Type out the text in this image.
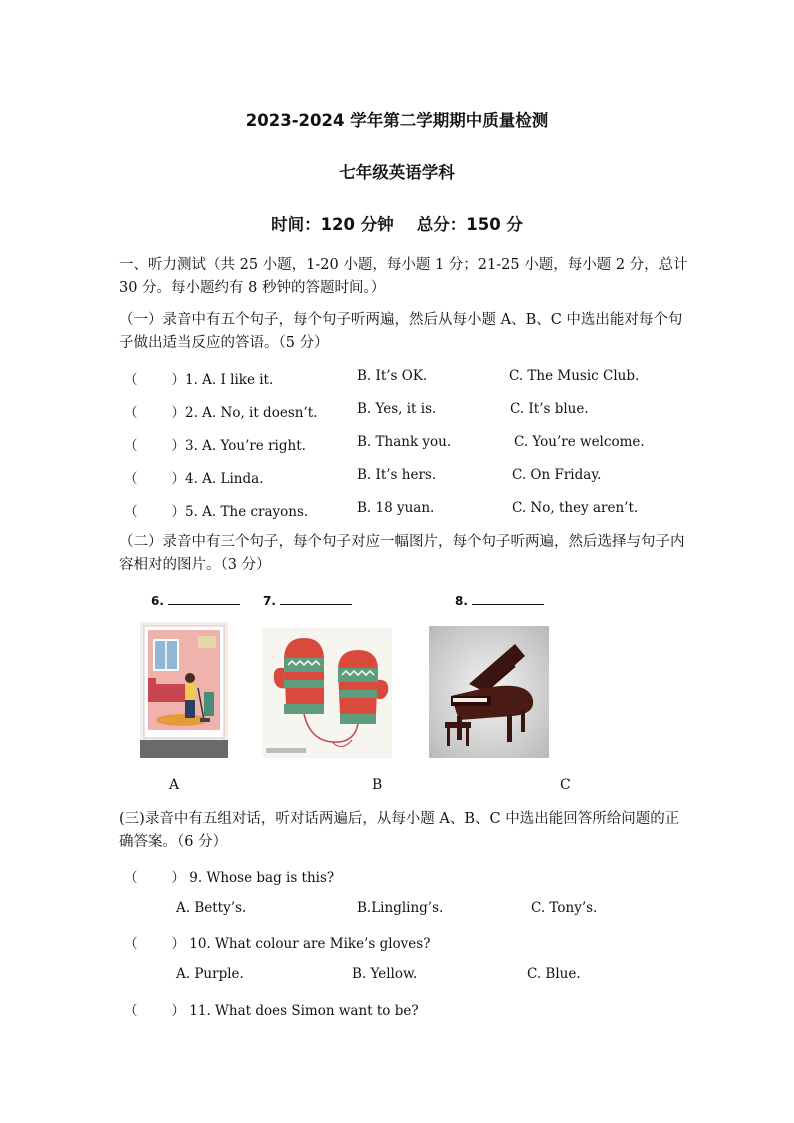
2023-2024 学年第二学期期中质量检测
七年级英语学科
时间：120 分钟    总分：150 分
一、听力测试（共 25 小题，1-20 小题，每小题 1 分；21-25 小题，每小题 2 分，总计 30 分。每小题约有 8 秒钟的答题时间。）
（一）录音中有五个句子，每个句子听两遍，然后从每小题 A、B、C 中选出能对每个句子做出适当反应的答语。（5 分）
（	）1. A. I like it.	B. It’s OK.	C. The Music Club.
（	）2. A. No, it doesn’t.	B. Yes, it is.	C. It’s blue.
（	）3. A. You’re right.	B. Thank you.	C. You’re welcome.
（	）4. A. Linda.	B. It’s hers.	C. On Friday.
（	）5. A. The crayons.	B. 18 yuan.	C. No, they aren’t.
（二）录音中有三个句子，每个句子对应一幅图片，每个句子听两遍，然后选择与句子内容相对的图片。（3 分）
6.	7.	8.
A	B	C
(三)录音中有五组对话，听对话两遍后，从每小题 A、B、C 中选出能回答所给问题的正确答案。（6 分）
（	） 9. Whose bag is this?
A. Betty’s.	B.Lingling’s.	C. Tony’s.
（	） 10. What colour are Mike’s gloves?
A. Purple.	B. Yellow.	C. Blue.
（	） 11. What does Simon want to be?
